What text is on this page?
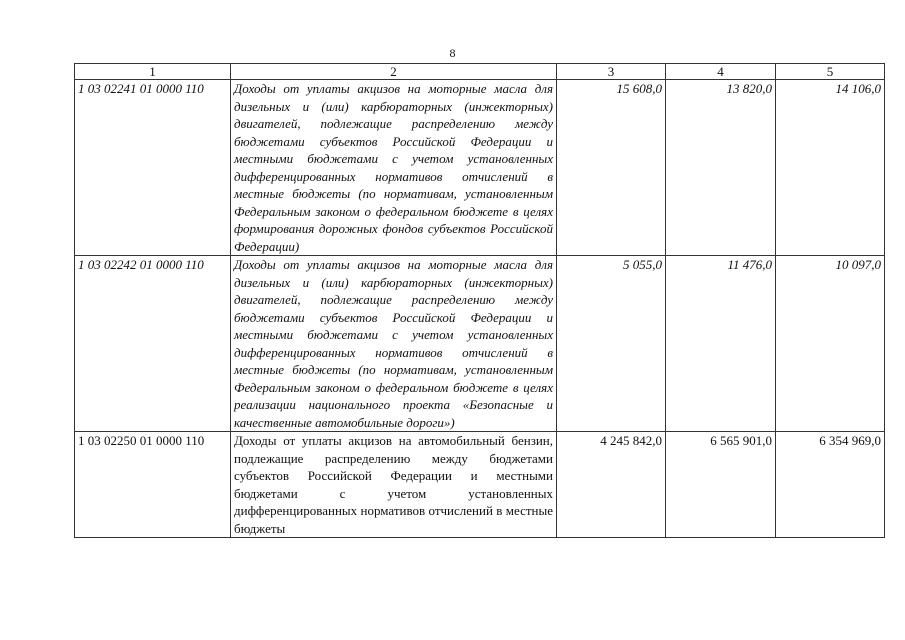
8
1	2	3	4	5
1 03 02241 01 0000 110	Доходы от уплаты акцизов на моторные масла для дизельных и (или) карбюраторных (инжекторных) двигателей, подлежащие распределению между бюджетами субъектов Российской Федерации и местными бюджетами с учетом установленных дифференцированных нормативов отчислений в местные бюджеты (по нормативам, установленным Федеральным законом о федеральном бюджете в целях формирования дорожных фондов субъектов Российской Федерации)	15 608,0	13 820,0	14 106,0
1 03 02242 01 0000 110	Доходы от уплаты акцизов на моторные масла для дизельных и (или) карбюраторных (инжекторных) двигателей, подлежащие распределению между бюджетами субъектов Российской Федерации и местными бюджетами с учетом установленных дифференцированных нормативов отчислений в местные бюджеты (по нормативам, установленным Федеральным законом о федеральном бюджете в целях реализации национального проекта «Безопасные и качественные автомобильные дороги»)	5 055,0	11 476,0	10 097,0
1 03 02250 01 0000 110	Доходы от уплаты акцизов на автомобильный бензин, подлежащие распределению между бюджетами субъектов Российской Федерации и местными бюджетами с учетом установленных дифференцированных нормативов отчислений в местные бюджеты	4 245 842,0	6 565 901,0	6 354 969,0
